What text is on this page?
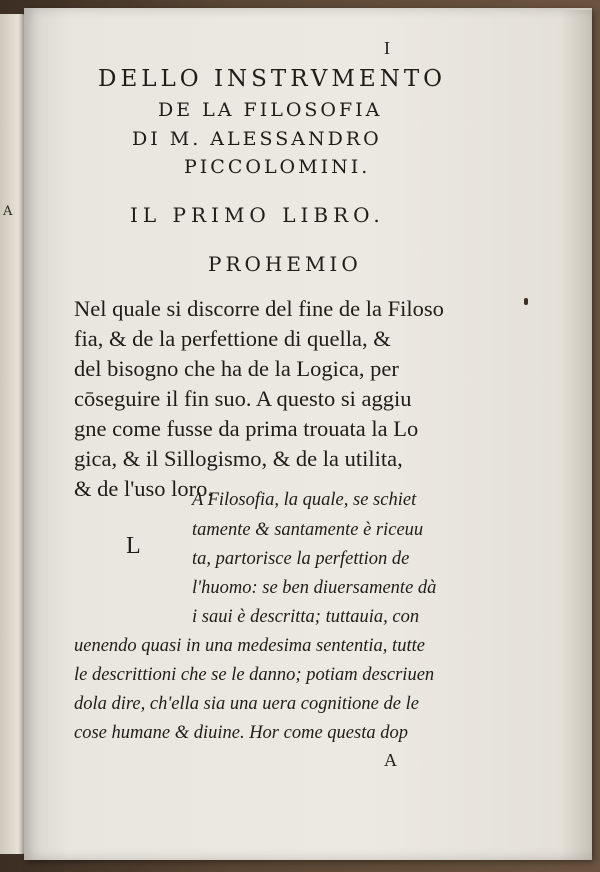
A
I
DELLO INSTRVMENTO
DE LA FILOSOFIA
DI M. ALESSANDRO
PICCOLOMINI.
IL PRIMO LIBRO.
PROHEMIO
Nel quale si discorre del fine de la Filoso
fia, & de la perfettione di quella, &
del bisogno che ha de la Logica, per
cōseguire il fin suo. A questo si aggiu
gne come fusse da prima trouata la Lo
gica, & il Sillogismo, & de la utilita,
& de l'uso loro.
L
A Filosofia, la quale, se schiet
tamente & santamente è riceuu
ta, partorisce la perfettion de
l'huomo: se ben diuersamente dà
i saui è descritta; tuttauia, con
uenendo quasi in una medesima sententia, tutte
le descrittioni che se le danno; potiam descriuen
dola dire, ch'ella sia una uera cognitione de le
cose humane & diuine. Hor come questa dop
A
